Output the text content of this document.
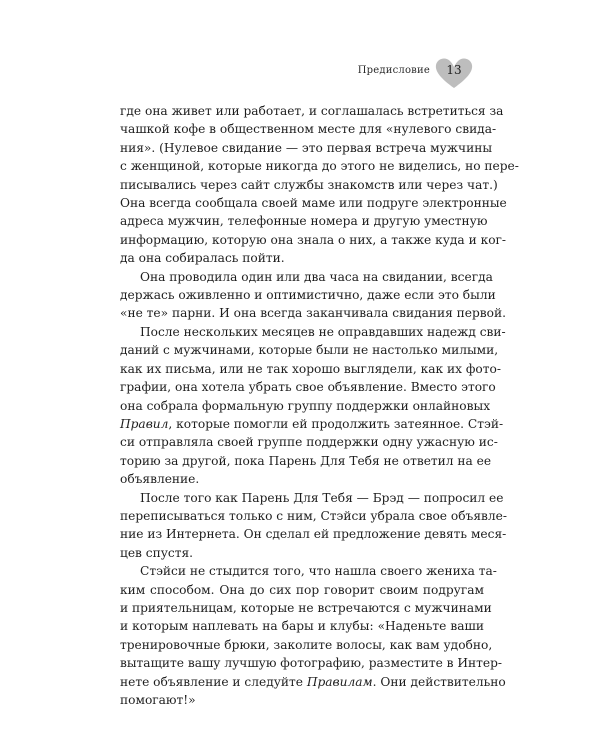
Предисловие	13
где она живет или работает, и соглашалась встретиться за
чашкой кофе в общественном месте для «нулевого свида-
ния». (Нулевое свидание — это первая встреча мужчины
с женщиной, которые никогда до этого не виделись, но пере-
писывались через сайт службы знакомств или через чат.)
Она всегда сообщала своей маме или подруге электронные
адреса мужчин, телефонные номера и другую уместную
информацию, которую она знала о них, а также куда и ког-
да она собиралась пойти.
Она проводила один или два часа на свидании, всегда
держась оживленно и оптимистично, даже если это были
«не те» парни. И она всегда заканчивала свидания первой.
После нескольких месяцев не оправдавших надежд сви-
даний с мужчинами, которые были не настолько милыми,
как их письма, или не так хорошо выглядели, как их фото-
графии, она хотела убрать свое объявление. Вместо этого
она собрала формальную группу поддержки онлайновых
Правил, которые помогли ей продолжить затеянное. Стэй-
си отправляла своей группе поддержки одну ужасную ис-
торию за другой, пока Парень Для Тебя не ответил на ее
объявление.
После того как Парень Для Тебя — Брэд — попросил ее
переписываться только с ним, Стэйси убрала свое объявле-
ние из Интернета. Он сделал ей предложение девять меся-
цев спустя.
Стэйси не стыдится того, что нашла своего жениха та-
ким способом. Она до сих пор говорит своим подругам
и приятельницам, которые не встречаются с мужчинами
и которым наплевать на бары и клубы: «Наденьте ваши
тренировочные брюки, заколите волосы, как вам удобно,
вытащите вашу лучшую фотографию, разместите в Интер-
нете объявление и следуйте Правилам. Они действительно
помогают!»
